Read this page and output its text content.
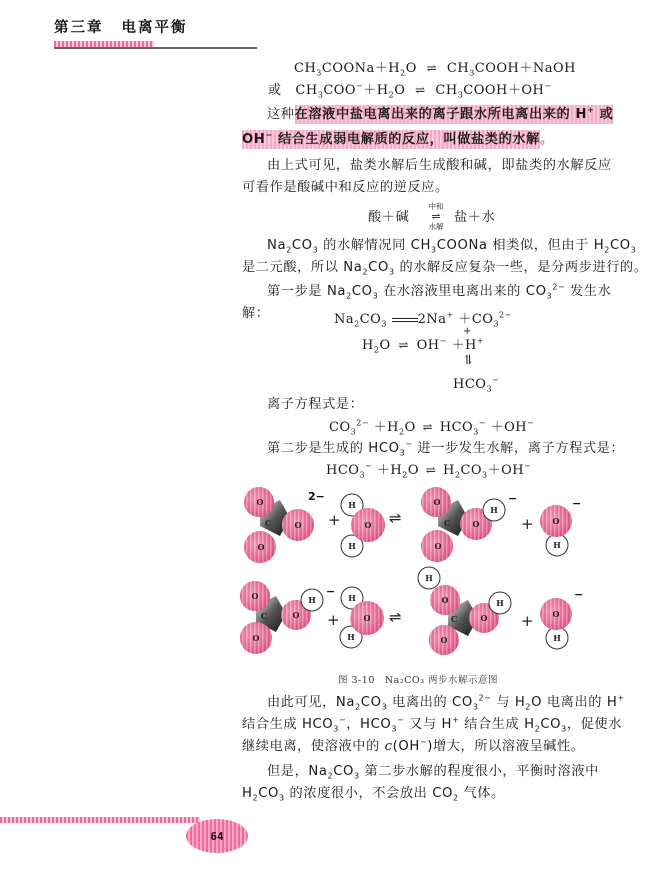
第三章 电离平衡
$CH_3COONa+H_2O$ ⇌ $CH_3COOH+NaOH$
或 $CH_3COO^-+H_2O$ ⇌ $CH_3COOH+OH^-$
这种在溶液中盐电离出来的离子跟水所电离出来的 H+ 或
OH− 结合生成弱电解质的反应，叫做盐类的水解。
由上式可见，盐类水解后生成酸和碱，即盐类的水解反应
可看作是酸碱中和反应的逆反应。
酸＋碱
中和
⇌
水解
盐＋水
$Na_2CO_3$ 的水解情况同 $CH_3COONa$ 相类似，但由于 $H_2CO_3$
是二元酸，所以 $Na_2CO_3$ 的水解反应复杂一些，是分两步进行的。
第一步是 $Na_2CO_3$ 在水溶液里电离出来的 $CO_3^{2-}$ 发生水
解：	$Na_2CO_3$ $2Na^+ +CO_3^{2-}$
+
$H_2O$ ⇌ OH− ＋H+
⇌
$HCO_3^-$
离子方程式是：
$CO_3^{2-} +H_2O$ ⇌ $HCO_3^- +OH^-$
第二步是生成的 $HCO_3^-$ 进一步发生水解，离子方程式是：
$HCO_3^- +H_2O$ ⇌ $H_2CO_3+OH^-$
O
O
O
C
H
H
O
O
O
O
C
H
O
H
O
O
O
C
H	H
H
O
H
O
O
O
C
H
O
H
2−
+	⇌
−
+
−
−
+	⇌	+
−
图 3-10　Na₂CO₃ 两步水解示意图
由此可见，$Na_2CO_3$ 电离出的 $CO_3^{2-}$ 与 $H_2O$ 电离出的 H+
结合生成 $HCO_3^-$，$HCO_3^-$ 又与 H+ 结合生成 $H_2CO_3$，促使水
继续电离，使溶液中的 c(OH−)增大，所以溶液呈碱性。
但是，$Na_2CO_3$ 第二步水解的程度很小，平衡时溶液中
$H_2CO_3$ 的浓度很小，不会放出 $CO_2$ 气体。
64
